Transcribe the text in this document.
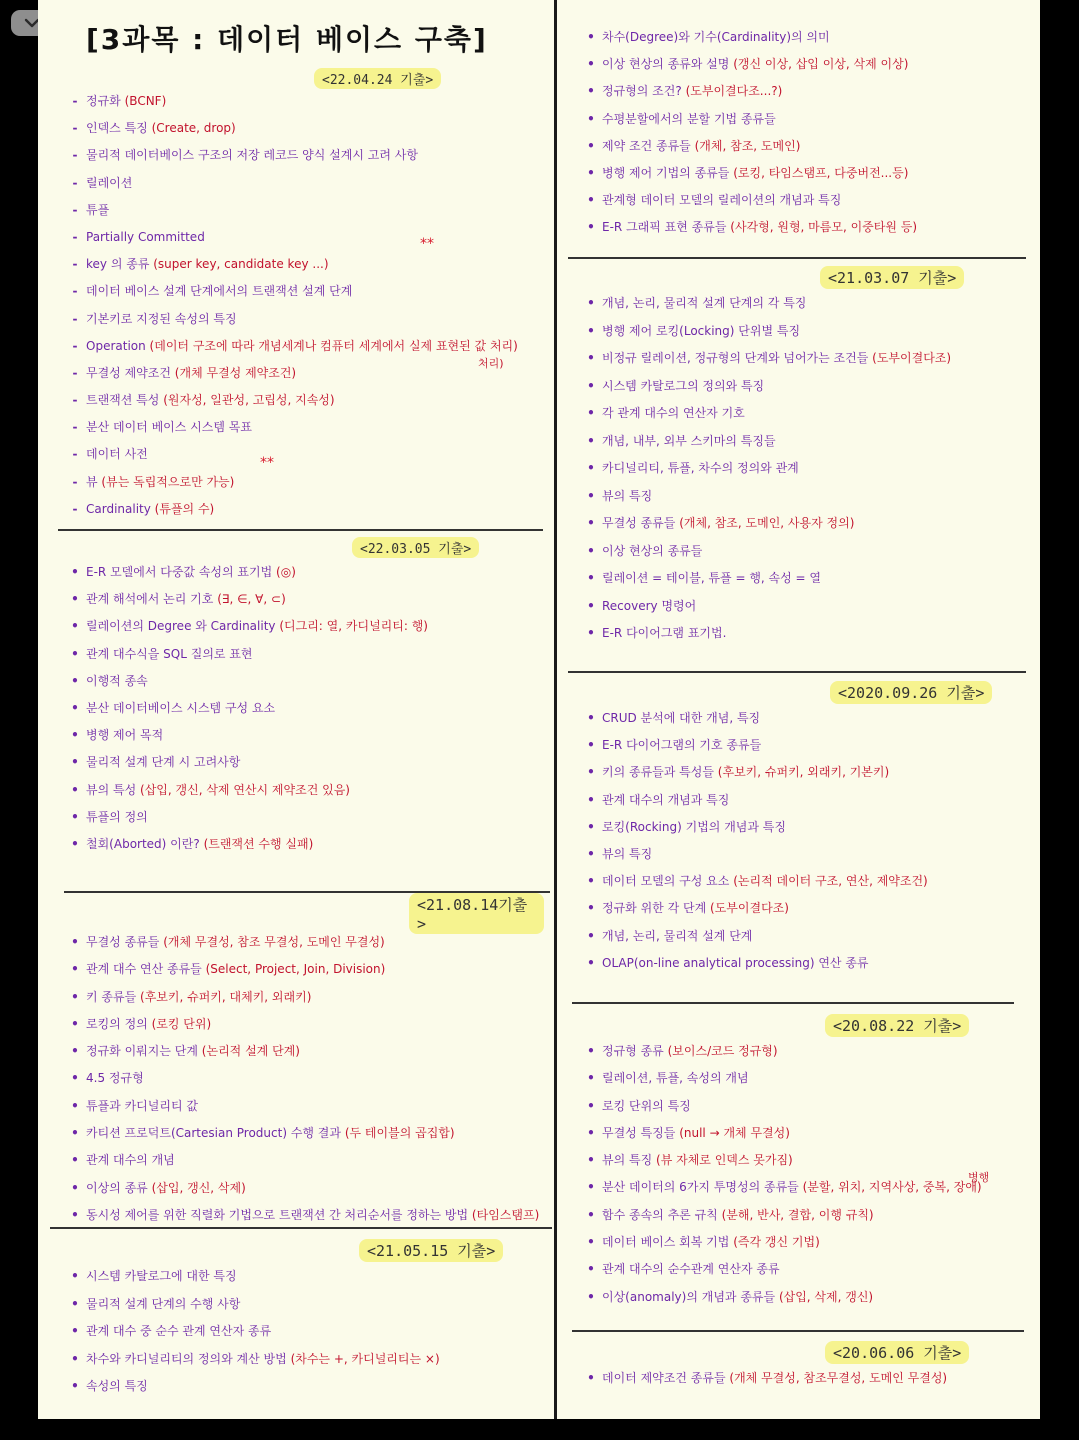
[3과목 : 데이터 베이스 구축]
<22.04.24 기출>
- 정규화 (BCNF)
- 인덱스 특징 (Create, drop)
- 물리적 데이터베이스 구조의 저장 레코드 양식 설계시 고려 사항
- 릴레이션
- 튜플
- Partially Committed
- key 의 종류 (super key, candidate key ...)
- 데이터 베이스 설계 단계에서의 트랜잭션 설계 단계
- 기본키로 지정된 속성의 특징
- Operation (데이터 구조에 따라 개념세계나 컴퓨터 세계에서 실제 표현된 값 처리)
- 무결성 제약조건 (개체 무결성 제약조건)
- 트랜잭션 특성 (원자성, 일관성, 고립성, 지속성)
- 분산 데이터 베이스 시스템 목표
- 데이터 사전
- 뷰 (뷰는 독립적으로만 가능)
- Cardinality (튜플의 수)
<22.03.05 기출>
• E-R 모델에서 다중값 속성의 표기법 (◎)
• 관계 해석에서 논리 기호 (∃, ∈, ∀, ⊂)
• 릴레이션의 Degree 와 Cardinality (디그리: 열, 카디널리티: 행)
• 관계 대수식을 SQL 질의로 표현
• 이행적 종속
• 분산 데이터베이스 시스템 구성 요소
• 병행 제어 목적
• 물리적 설계 단계 시 고려사항
• 뷰의 특성 (삽입, 갱신, 삭제 연산시 제약조건 있음)
• 튜플의 정의
• 철회(Aborted) 이란? (트랜잭션 수행 실패)
<21.08.14기출>
• 무결성 종류들 (개체 무결성, 참조 무결성, 도메인 무결성)
• 관계 대수 연산 종류들 (Select, Project, Join, Division)
• 키 종류들 (후보키, 슈퍼키, 대체키, 외래키)
• 로킹의 정의 (로킹 단위)
• 정규화 이뤄지는 단계 (논리적 설계 단계)
• 4.5 정규형
• 튜플과 카디널리티 값
• 카티션 프로덕트(Cartesian Product) 수행 결과 (두 테이블의 곱집합)
• 관계 대수의 개념
• 이상의 종류 (삽입, 갱신, 삭제)
• 동시성 제어를 위한 직렬화 기법으로 트랜잭션 간 처리순서를 정하는 방법 (타임스탬프)
<21.05.15 기출>
• 시스템 카탈로그에 대한 특징
• 물리적 설계 단계의 수행 사항
• 관계 대수 중 순수 관계 연산자 종류
• 차수와 카디널리티의 정의와 계산 방법 (차수는 +, 카디널리티는 ×)
• 속성의 특징
**
**
처리)
• 차수(Degree)와 기수(Cardinality)의 의미
• 이상 현상의 종류와 설명 (갱신 이상, 삽입 이상, 삭제 이상)
• 정규형의 조건? (도부이결다조...?)
• 수평분할에서의 분할 기법 종류들
• 제약 조건 종류들 (개체, 참조, 도메인)
• 병행 제어 기법의 종류들 (로킹, 타임스탬프, 다중버전...등)
• 관계형 데이터 모델의 릴레이션의 개념과 특징
• E-R 그래픽 표현 종류들 (사각형, 원형, 마름모, 이중타원 등)
<21.03.07 기출>
• 개념, 논리, 물리적 설계 단계의 각 특징
• 병행 제어 로킹(Locking) 단위별 특징
• 비정규 릴레이션, 정규형의 단계와 넘어가는 조건들 (도부이결다조)
• 시스템 카탈로그의 정의와 특징
• 각 관계 대수의 연산자 기호
• 개념, 내부, 외부 스키마의 특징들
• 카디널리티, 튜플, 차수의 정의와 관계
• 뷰의 특징
• 무결성 종류들 (개체, 참조, 도메인, 사용자 정의)
• 이상 현상의 종류들
• 릴레이션 = 테이블, 튜플 = 행, 속성 = 열
• Recovery 명령어
• E-R 다이어그램 표기법.
<2020.09.26 기출>
• CRUD 분석에 대한 개념, 특징
• E-R 다이어그램의 기호 종류들
• 키의 종류들과 특성들 (후보키, 슈퍼키, 외래키, 기본키)
• 관계 대수의 개념과 특징
• 로킹(Rocking) 기법의 개념과 특징
• 뷰의 특징
• 데이터 모델의 구성 요소 (논리적 데이터 구조, 연산, 제약조건)
• 정규화 위한 각 단계 (도부이결다조)
• 개념, 논리, 물리적 설계 단계
• OLAP(on-line analytical processing) 연산 종류
<20.08.22 기출>
• 정규형 종류 (보이스/코드 정규형)
• 릴레이션, 튜플, 속성의 개념
• 로킹 단위의 특징
• 무결성 특징들 (null → 개체 무결성)
• 뷰의 특징 (뷰 자체로 인덱스 못가짐)
• 분산 데이터의 6가지 투명성의 종류들 (분할, 위치, 지역사상, 중복, 장애)
• 함수 종속의 추론 규칙 (분해, 반사, 결합, 이행 규칙)
• 데이터 베이스 회복 기법 (즉각 갱신 기법)
• 관계 대수의 순수관계 연산자 종류
• 이상(anomaly)의 개념과 종류들 (삽입, 삭제, 갱신)
<20.06.06 기출>
• 데이터 제약조건 종류들 (개체 무결성, 참조무결성, 도메인 무결성)
병행
